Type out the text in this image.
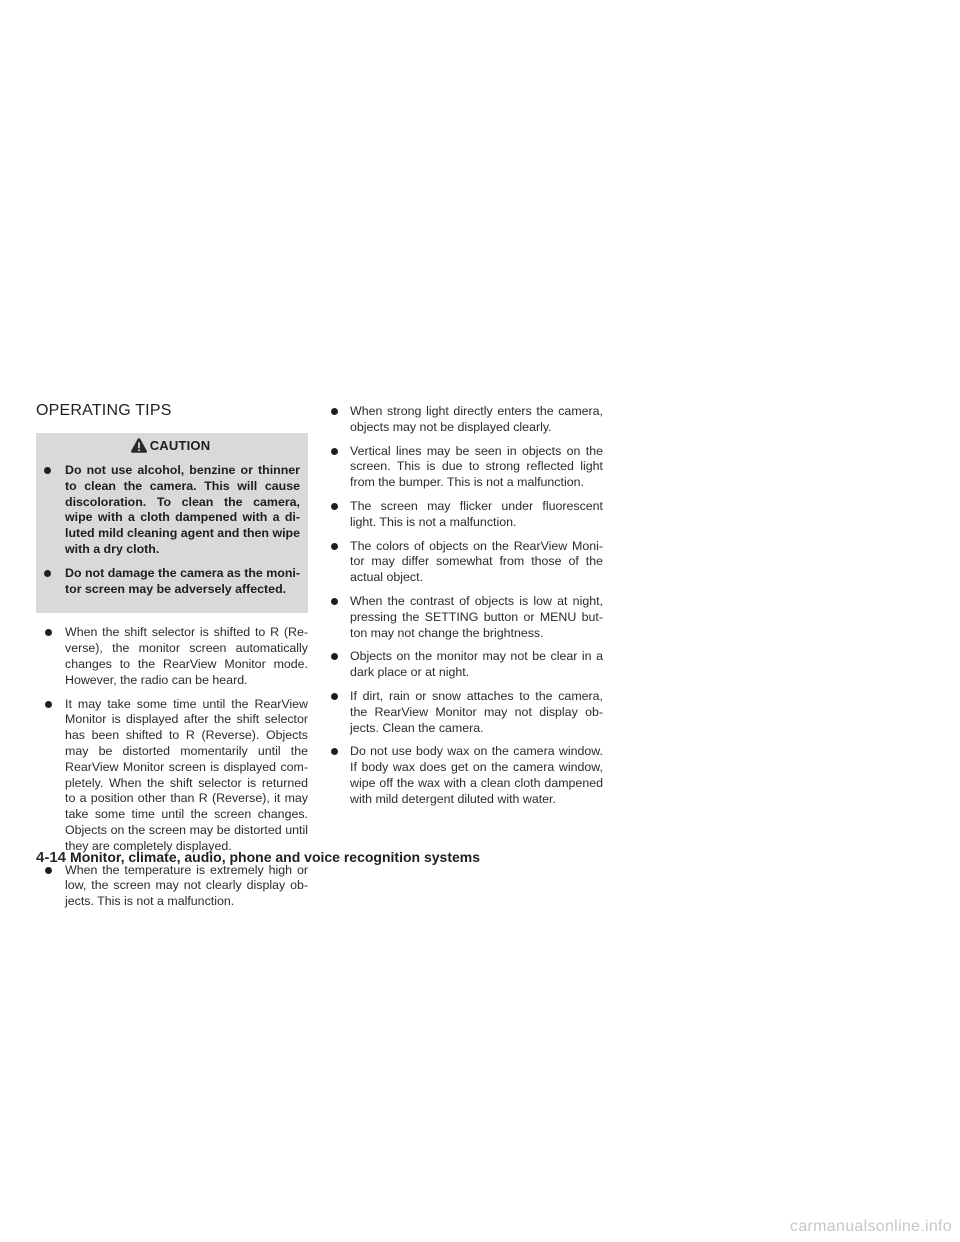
OPERATING TIPS
CAUTION
Do not use alcohol, benzine or thinner to clean the camera. This will cause discoloration. To clean the camera, wipe with a cloth dampened with a diluted mild cleaning agent and then wipe with a dry cloth.
Do not damage the camera as the monitor screen may be adversely affected.
When the shift selector is shifted to R (Reverse), the monitor screen automatically changes to the RearView Monitor mode. However, the radio can be heard.
It may take some time until the RearView Monitor is displayed after the shift selector has been shifted to R (Reverse). Objects may be distorted momentarily until the RearView Monitor screen is displayed completely. When the shift selector is returned to a position other than R (Reverse), it may take some time until the screen changes. Objects on the screen may be distorted until they are completely displayed.
When the temperature is extremely high or low, the screen may not clearly display objects. This is not a malfunction.
When strong light directly enters the camera, objects may not be displayed clearly.
Vertical lines may be seen in objects on the screen. This is due to strong reflected light from the bumper. This is not a malfunction.
The screen may flicker under fluorescent light. This is not a malfunction.
The colors of objects on the RearView Monitor may differ somewhat from those of the actual object.
When the contrast of objects is low at night, pressing the SETTING button or MENU button may not change the brightness.
Objects on the monitor may not be clear in a dark place or at night.
If dirt, rain or snow attaches to the camera, the RearView Monitor may not display objects. Clean the camera.
Do not use body wax on the camera window. If body wax does get on the camera window, wipe off the wax with a clean cloth dampened with mild detergent diluted with water.
4-14 Monitor, climate, audio, phone and voice recognition systems
carmanualsonline.info
